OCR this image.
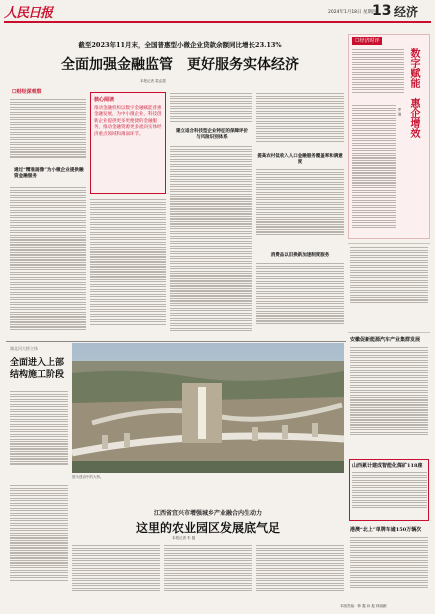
人民日报	2024年1月18日 星期四
13 经济
截至2023年11月末，全国普惠型小微企业贷款余额同比增长23.13%
全面加强金融监管　更好服务实体经济
本报记者 葛孟超
☐财经深观察
通过“精准画像”为小微企业提供融资金融服务
核心阅读
推动金融机构以数字金融赋能普惠金融发展，为中小微企业、科技创新企业提供更多更便捷的金融服务，推动金融资源更多流向实体经济重点领域和薄弱环节。
建立适合科技型企业特征的保障评价与风险识别体系
提高农村低收入人口金融服务覆盖率和满意度
消费品以旧换新加速制度服务
☐经济时评
数字赋能　惠企增效
罗 珊
安徽促新能源汽车产业集群发展
山西累计建成智能化煤矿118座
港澳“北上”单牌车逾150万辆次
湖北河大桥主体
全面进入上部结构施工阶段
图为建设中的大桥。
江西省宜兴市增强城乡产业融合内生动力
这里的农业园区发展底气足
本报记者 朱 磊
本版责编：韩 鑫 孙 振 林丽鹂
